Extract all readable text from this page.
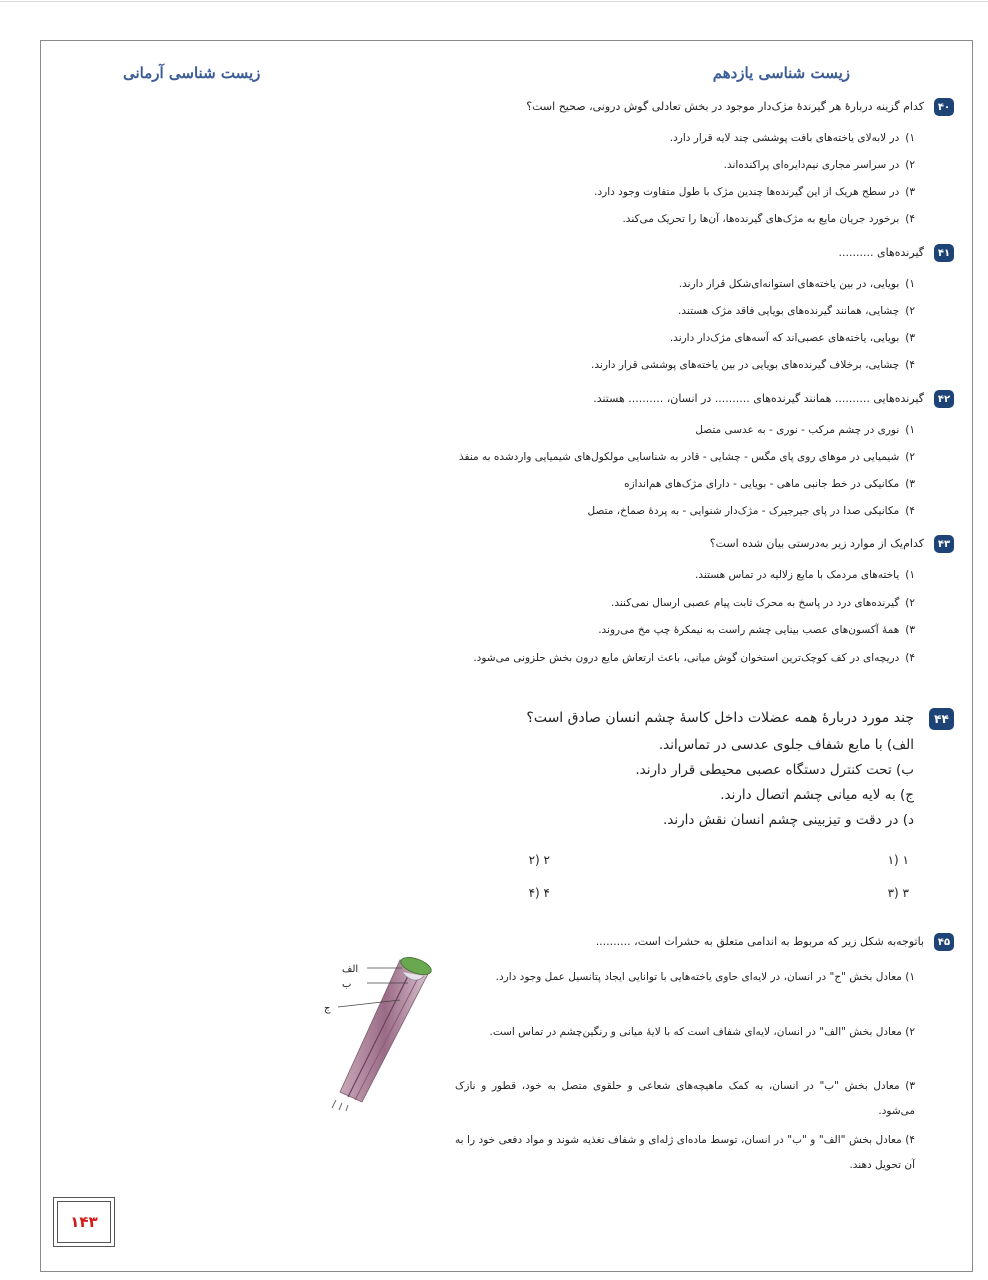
زیست شناسی یازدهم
زیست شناسی آرمانی
۴۰
کدام گزینه دربارهٔ هر گیرندهٔ مژک‌دار موجود در بخش تعادلی گوش درونی، صحیح است؟
۱)در لابه‌لای یاخته‌های بافت پوششی چند لایه قرار دارد.
۲)در سراسر مجاری نیم‌دایره‌ای پراکنده‌اند.
۳)در سطح هریک از این گیرنده‌ها چندین مژک با طول متفاوت وجود دارد.
۴)برخورد جریان مایع به مژک‌های گیرنده‌ها، آن‌ها را تحریک می‌کند.
۴۱
گیرنده‌های ..........
۱)بویایی، در بین یاخته‌های استوانه‌ای‌شکل قرار دارند.
۲)چشایی، همانند گیرنده‌های بویایی فاقد مژک هستند.
۳)بویایی، یاخته‌های عصبی‌اند که آسه‌های مژک‌دار دارند.
۴)چشایی، برخلاف گیرنده‌های بویایی در بین یاخته‌های پوششی قرار دارند.
۴۲
گیرنده‌هایی .......... همانند گیرنده‌های .......... در انسان، .......... هستند.
۱)نوری در چشم مرکب - نوری - به عدسی متصل
۲)شیمیایی در موهای روی پای مگس - چشایی - قادر به شناسایی مولکول‌های شیمیایی واردشده به منفذ
۳)مکانیکی در خط جانبی ماهی - بویایی - دارای مژک‌های هم‌اندازه
۴)مکانیکی صدا در پای جیرجیرک - مژک‌دار شنوایی - به پردهٔ صماخ، متصل
۴۳
کدام‌یک از موارد زیر به‌درستی بیان شده است؟
۱)یاخته‌های مردمک با مایع زلالیه در تماس هستند.
۲)گیرنده‌های درد در پاسخ به محرک ثابت پیام عصبی ارسال نمی‌کنند.
۳)همهٔ آکسون‌های عصب بینایی چشم راست به نیمکرهٔ چپ مخ می‌روند.
۴)دریچه‌ای در کف کوچک‌ترین استخوان گوش میانی، باعث ارتعاش مایع درون بخش حلزونی می‌شود.
۴۴
چند مورد دربارهٔ همه عضلات داخل کاسهٔ چشم انسان صادق است؟
الف) با مایع شفاف جلوی عدسی در تماس‌اند.
ب) تحت کنترل دستگاه عصبی محیطی قرار دارند.
ج) به لایه میانی چشم اتصال دارند.
د) در دقت و تیزبینی چشم انسان نقش دارند.
۱ (۱
۲ (۲
۳ (۳
۴ (۴
۴۵
باتوجه‌به شکل زیر که مربوط به اندامی متعلق به حشرات است، ..........
۱) معادل بخش "ج" در انسان، در لایه‌ای حاوی یاخته‌هایی با توانایی ایجاد پتانسیل عمل وجود دارد.
۲) معادل بخش "الف" در انسان، لایه‌ای شفاف است که با لایهٔ میانی و رنگین‌چشم در تماس است.
۳) معادل بخش "ب" در انسان، به کمک ماهیچه‌های شعاعی و حلقوی متصل به خود، قطور و نازک می‌شود.
۴) معادل بخش "الف" و "ب" در انسان، توسط ماده‌ای ژله‌ای و شفاف تغذیه شوند و مواد دفعی خود را به آن تحویل دهند.
الف
ب
ج
۱۴۳
